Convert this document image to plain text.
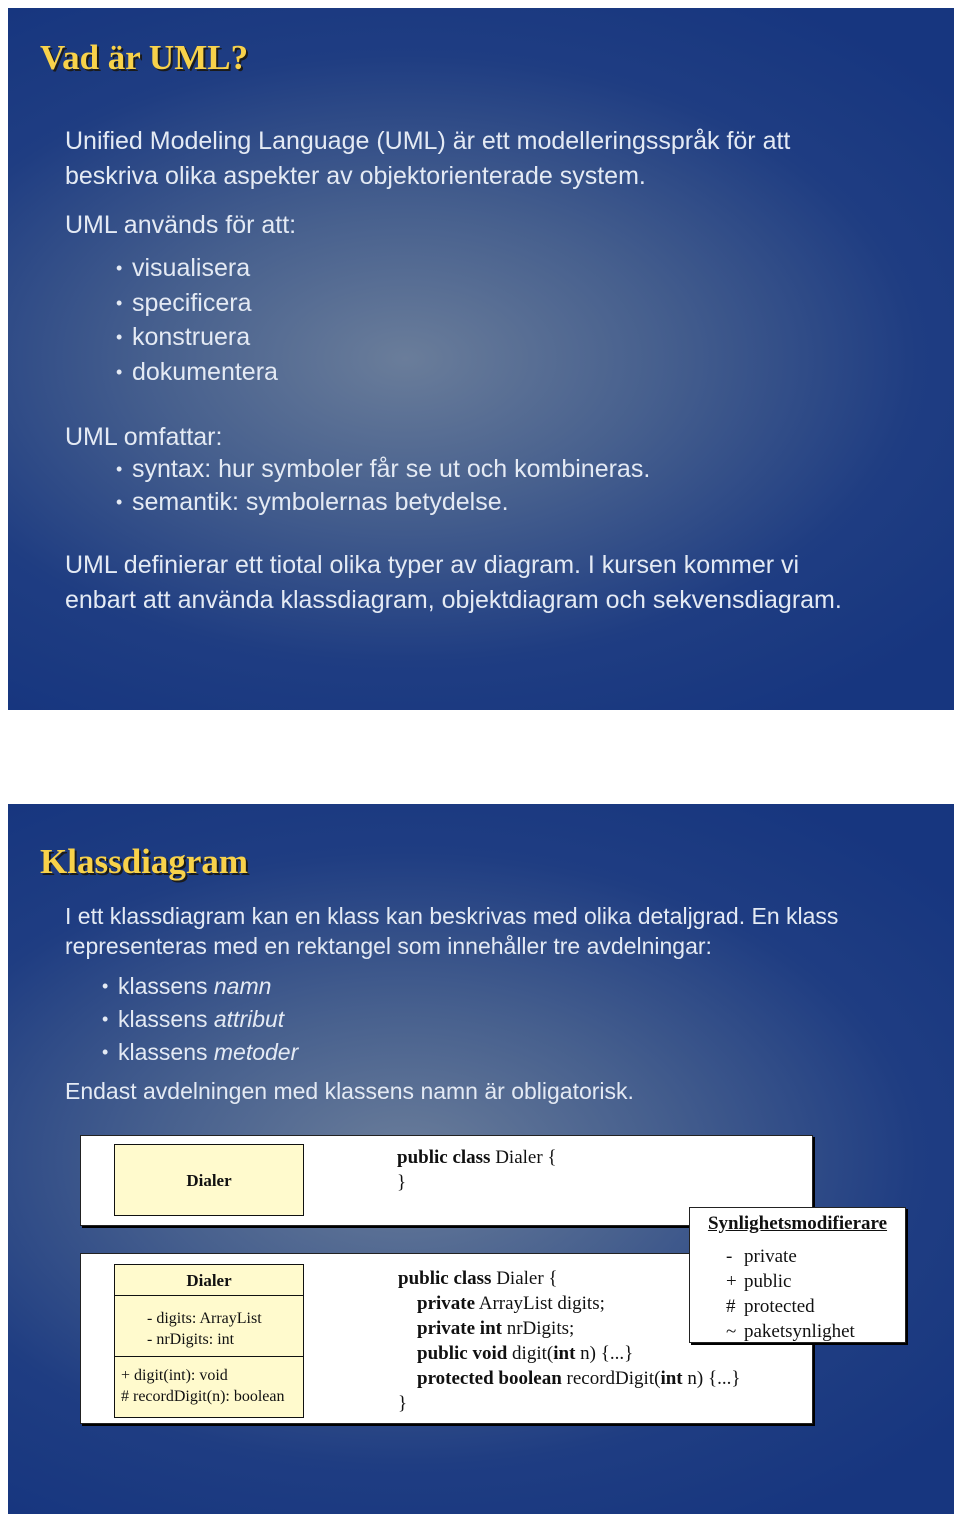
Vad är UML?

Unified Modeling Language (UML) är ett modelleringsspråk för att

beskriva olika aspekter av objektorienterade system.

UML används för att:

• visualisera

• specificera

• konstruera

• dokumentera

UML omfattar:

• syntax: hur symboler får se ut och kombineras.

• semantik: symbolernas betydelse.

UML definierar ett tiotal olika typer av diagram. I kursen kommer vi

enbart att använda klassdiagram, objektdiagram och sekvensdiagram.

Klassdiagram

I ett klassdiagram kan en klass kan beskrivas med olika detaljgrad. En klass

representeras med en rektangel som innehåller tre avdelningar:

• klassens namn

• klassens attribut

• klassens metoder

Endast avdelningen med klassens namn är obligatorisk.

Dialer
public class Dialer {
}
Dialer
- digits: ArrayList
- nrDigits: int
+ digit(int): void
# recordDigit(n): boolean
public class Dialer {
private ArrayList digits;
private int nrDigits;
public void digit(int n) {...}
protected boolean recordDigit(int n) {...}
}
Synlighetsmodifierare
- private
+ public
# protected
~ paketsynlighet
